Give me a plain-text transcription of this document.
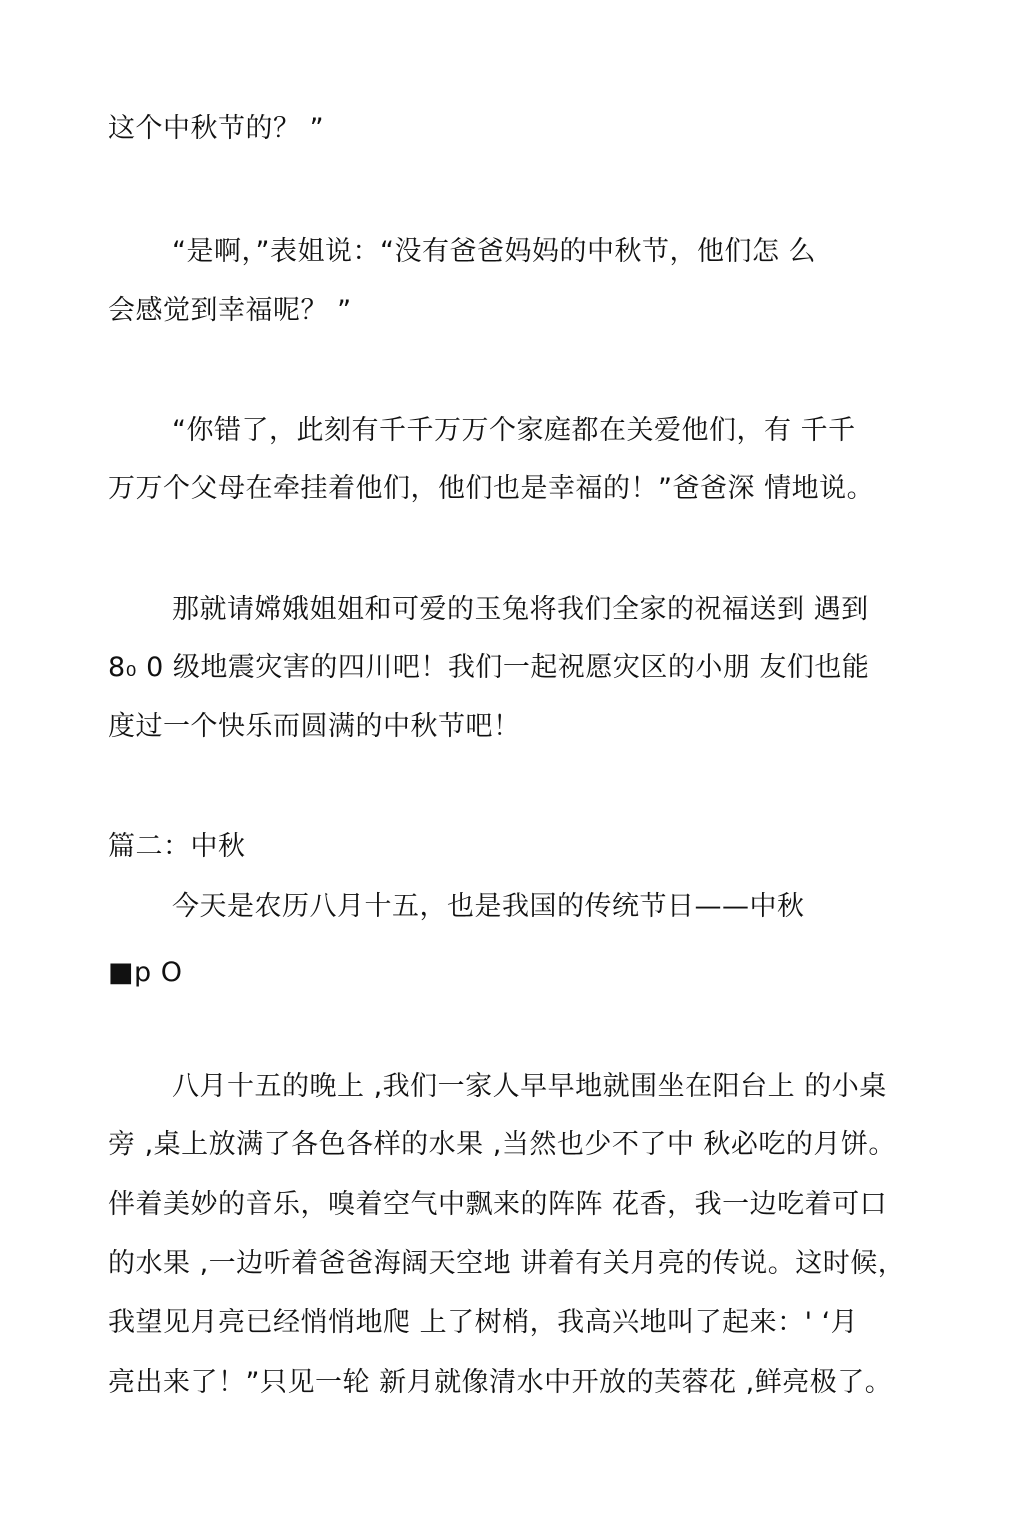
这个中秋节的？ ”
“是啊，”表姐说：“没有爸爸妈妈的中秋节，他们怎 么
会感觉到幸福呢？ ”
“你错了，此刻有千千万万个家庭都在关爱他们，有 千千
万万个父母在牵挂着他们，他们也是幸福的！”爸爸深 情地说。
那就请嫦娥姐姐和可爱的玉兔将我们全家的祝福送到 遇到
8₀ 0 级地震灾害的四川吧！我们一起祝愿灾区的小朋 友们也能
度过一个快乐而圆满的中秋节吧！
篇二：中秋
今天是农历八月十五，也是我国的传统节日——中秋
■p O
八月十五的晚上 ,我们一家人早早地就围坐在阳台上 的小桌
旁 ,桌上放满了各色各样的水果 ,当然也少不了中 秋必吃的月饼。
伴着美妙的音乐，嗅着空气中飘来的阵阵 花香，我一边吃着可口
的水果 ,一边听着爸爸海阔天空地 讲着有关月亮的传说。这时候，
我望见月亮已经悄悄地爬 上了树梢，我高兴地叫了起来：' ‘月
亮出来了！”只见一轮 新月就像清水中开放的芙蓉花 ,鲜亮极了。
